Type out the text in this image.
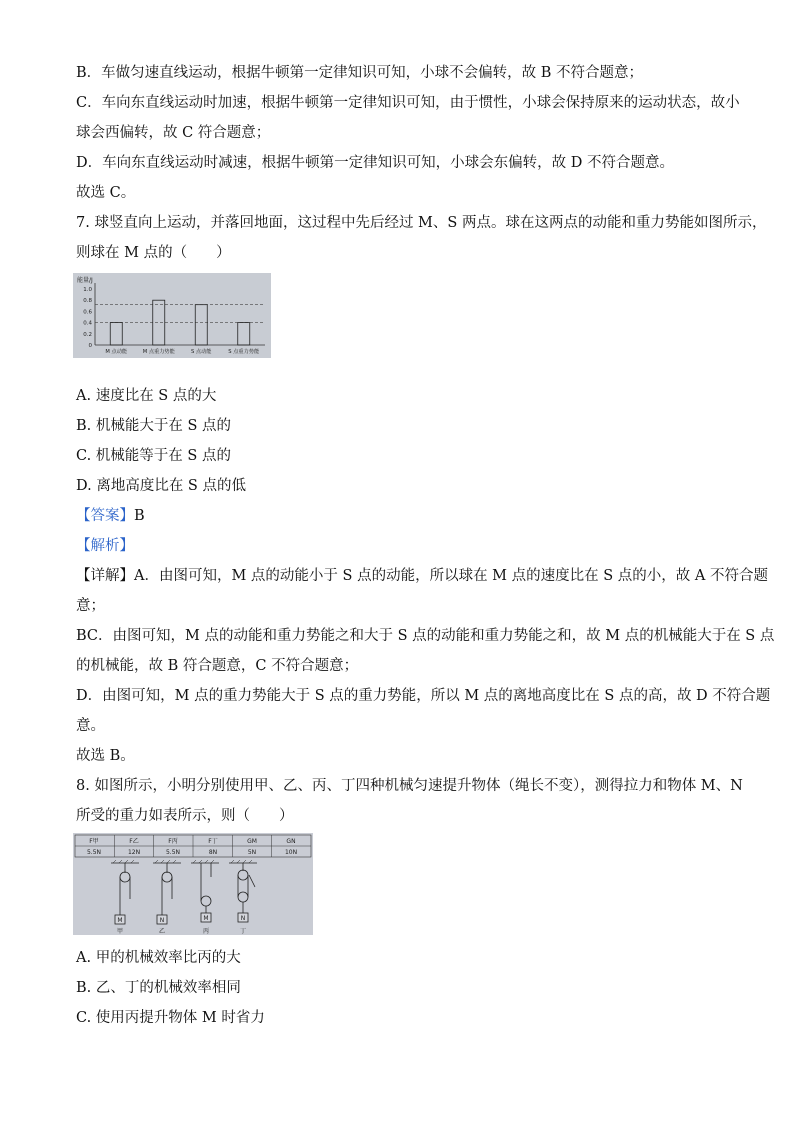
B．车做匀速直线运动，根据牛顿第一定律知识可知，小球不会偏转，故 B 不符合题意；
C．车向东直线运动时加速，根据牛顿第一定律知识可知，由于惯性，小球会保持原来的运动状态，故小
球会西偏转，故 C 符合题意；
D．车向东直线运动时减速，根据牛顿第一定律知识可知，小球会东偏转，故 D 不符合题意。
故选 C。
7. 球竖直向上运动，并落回地面，这过程中先后经过 M、S 两点。球在这两点的动能和重力势能如图所示，
则球在 M 点的（　　）
能量/J
1.0
0.8
0.6
0.4
0.2
0
M 点动能	M 点重力势能	S 点动能	S 点重力势能
A. 速度比在 S 点的大
B. 机械能大于在 S 点的
C. 机械能等于在 S 点的
D. 离地高度比在 S 点的低
【答案】B
【解析】
【详解】A．由图可知，M 点的动能小于 S 点的动能，所以球在 M 点的速度比在 S 点的小，故 A 不符合题
意；
BC．由图可知，M 点的动能和重力势能之和大于 S 点的动能和重力势能之和，故 M 点的机械能大于在 S 点
的机械能，故 B 符合题意，C 不符合题意；
D．由图可知，M 点的重力势能大于 S 点的重力势能，所以 M 点的离地高度比在 S 点的高，故 D 不符合题
意。
故选 B。
8. 如图所示，小明分别使用甲、乙、丙、丁四种机械匀速提升物体（绳长不变），测得拉力和物体 M、N
所受的重力如表所示，则（　　）
F甲	F乙	F丙	F丁	GM	GN
5.5N	12N	5.5N	8N	5N	10N
M	N	M	N
甲	乙	丙	丁
A. 甲的机械效率比丙的大
B. 乙、丁的机械效率相同
C. 使用丙提升物体 M 时省力
